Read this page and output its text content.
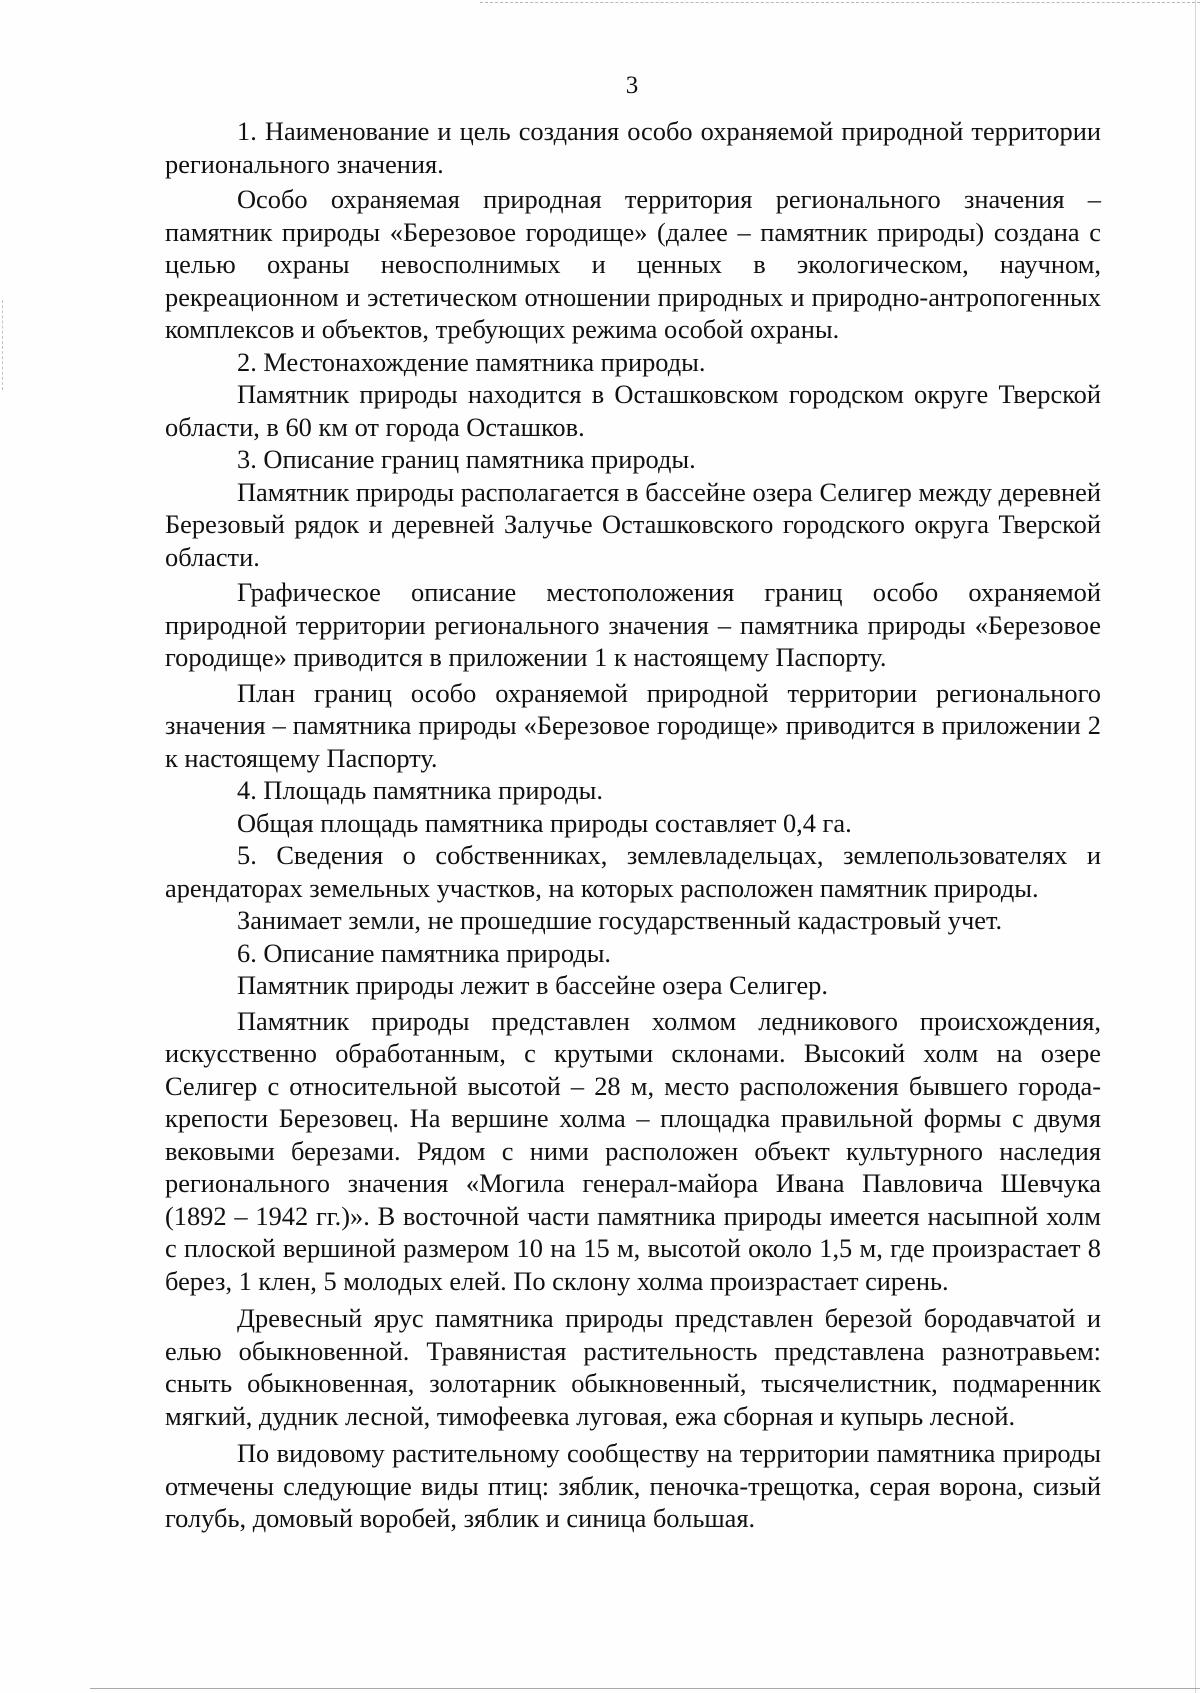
3

1. Наименование и цель создания особо охраняемой природной территории регионального значения.

Особо охраняемая природная территория регионального значения – памятник природы «Березовое городище» (далее – памятник природы) создана с целью охраны невосполнимых и ценных в экологическом, научном, рекреационном и эстетическом отношении природных и природно-антропогенных комплексов и объектов, требующих режима особой охраны.

2. Местонахождение памятника природы.

Памятник природы находится в Осташковском городском округе Тверской области, в 60 км от города Осташков.

3. Описание границ памятника природы.

Памятник природы располагается в бассейне озера Селигер между деревней Березовый рядок и деревней Залучье Осташковского городского округа Тверской области.

Графическое описание местоположения границ особо охраняемой природной территории регионального значения – памятника природы «Березовое городище» приводится в приложении 1 к настоящему Паспорту.

План границ особо охраняемой природной территории регионального значения – памятника природы «Березовое городище» приводится в приложении 2 к настоящему Паспорту.

4. Площадь памятника природы.

Общая площадь памятника природы составляет 0,4 га.

5. Сведения о собственниках, землевладельцах, землепользователях и арендаторах земельных участков, на которых расположен памятник природы.

Занимает земли, не прошедшие государственный кадастровый учет.

6. Описание памятника природы.

Памятник природы лежит в бассейне озера Селигер.

Памятник природы представлен холмом ледникового происхождения, искусственно обработанным, с крутыми склонами. Высокий холм на озере Селигер с относительной высотой – 28 м, место расположения бывшего города-крепости Березовец. На вершине холма – площадка правильной формы с двумя вековыми березами. Рядом с ними расположен объект культурного наследия регионального значения «Могила генерал-майора Ивана Павловича Шевчука (1892 – 1942 гг.)». В восточной части памятника природы имеется насыпной холм с плоской вершиной размером 10 на 15 м, высотой около 1,5 м, где произрастает 8 берез, 1 клен, 5 молодых елей. По склону холма произрастает сирень.

Древесный ярус памятника природы представлен березой бородавчатой и елью обыкновенной. Травянистая растительность представлена разнотравьем: сныть обыкновенная, золотарник обыкновенный, тысячелистник, подмаренник мягкий, дудник лесной, тимофеевка луговая, ежа сборная и купырь лесной.

По видовому растительному сообществу на территории памятника природы отмечены следующие виды птиц: зяблик, пеночка-трещотка, серая ворона, сизый голубь, домовый воробей, зяблик и синица большая.
